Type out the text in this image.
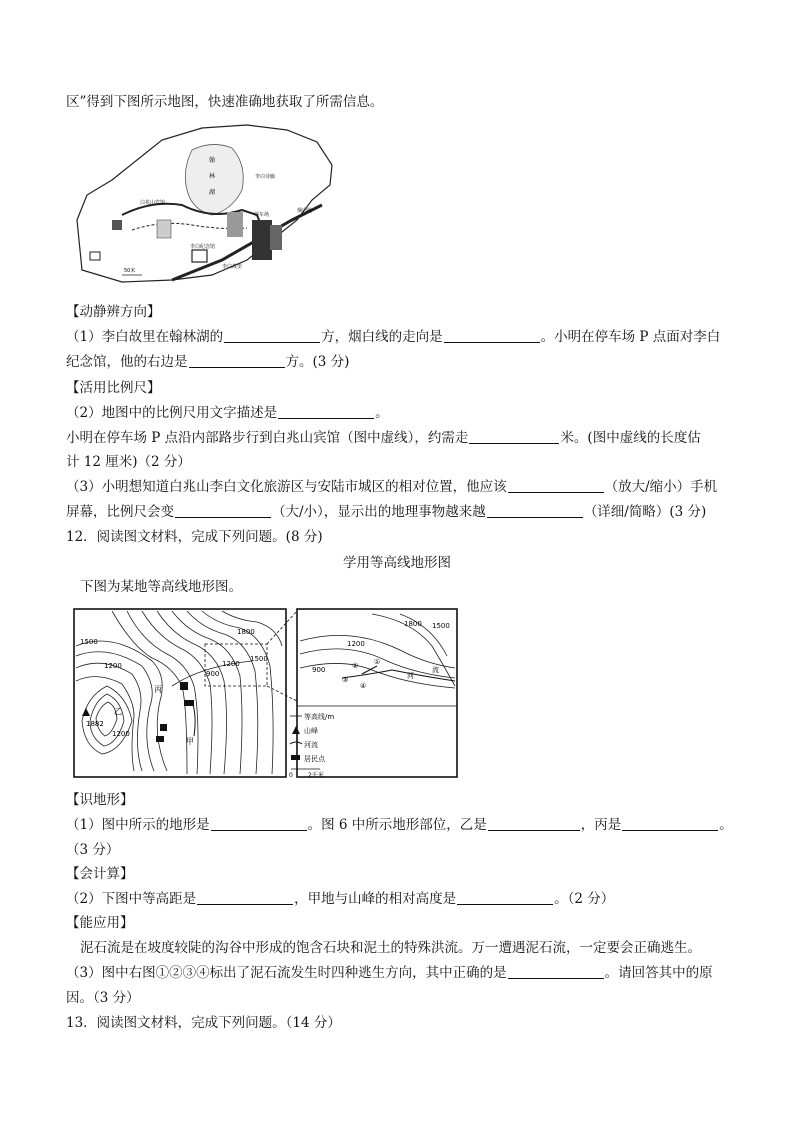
区”得到下图所示地图，快速准确地获取了所需信息。
翰
林
湖
李白诗廊
白兆山宾馆
停车场
烟白线
李白纪念馆
李白故里
50米
【动静辨方向】
（1）李白故里在翰林湖的	方，烟白线的走向是	。小明在停车场 P 点面对李白
纪念馆，他的右边是	方。(3 分)
【活用比例尺】
（2）地图中的比例尺用文字描述是	。
小明在停车场 P 点沿内部路步行到白兆山宾馆（图中虚线），约需走	米。(图中虚线的长度估
计 12 厘米)（2 分）
（3）小明想知道白兆山李白文化旅游区与安陆市城区的相对位置，他应该	（放大/缩小）手机
屏幕，比例尺会变	（大/小），显示出的地理事物越来越	（详细/简略）(3 分)
12．阅读图文材料，完成下列问题。(8 分)
学用等高线地形图
下图为某地等高线地形图。
1500
1200
1800
1200
1500
900
1200
1882
丙
乙
甲
1200
1800 1500
900
河
流
①
②
③
④
等高线/m
山峰
河流
居民点
0	2千米
【识地形】
（1）图中所示的地形是	。图 6 中所示地形部位，乙是	，丙是	。
（3 分）
【会计算】
（2）下图中等高距是	，甲地与山峰的相对高度是	。（2 分）
【能应用】
泥石流是在坡度较陡的沟谷中形成的饱含石块和泥土的特殊洪流。万一遭遇泥石流，一定要会正确逃生。
（3）图中右图①②③④标出了泥石流发生时四种逃生方向，其中正确的是	。请回答其中的原
因。（3 分）
13．阅读图文材料，完成下列问题。（14 分）
